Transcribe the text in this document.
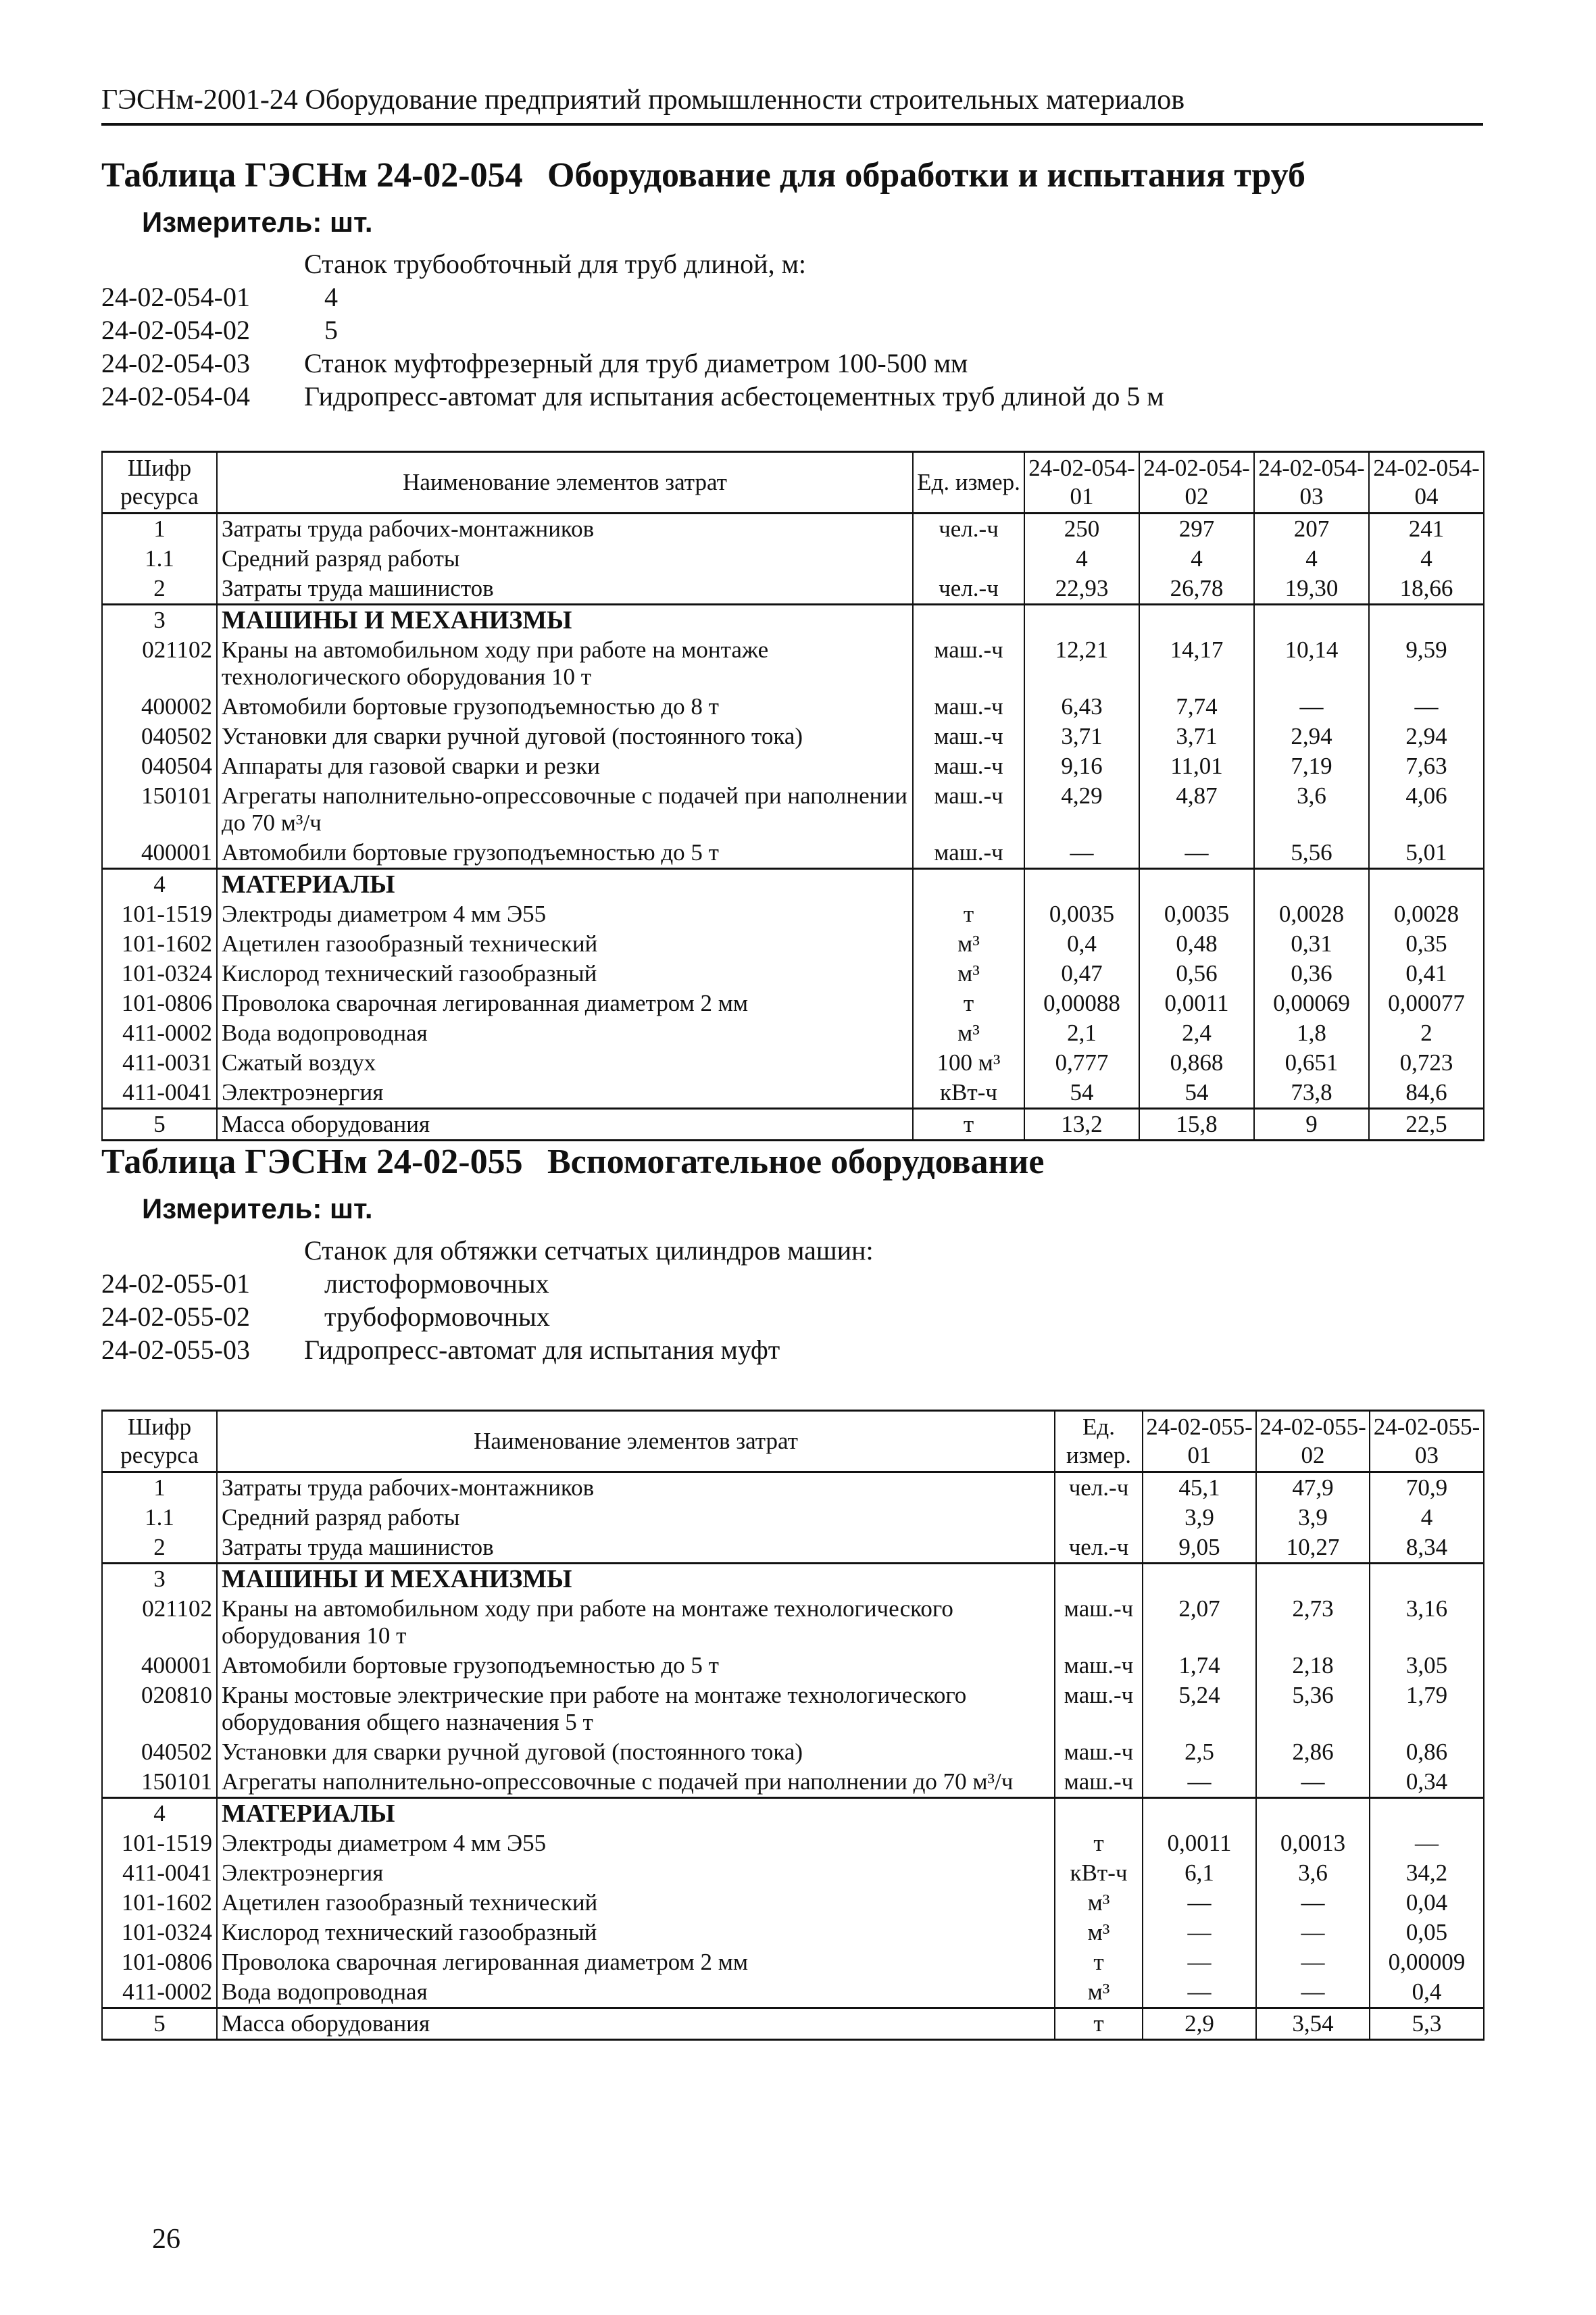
ГЭСНм-2001-24 Оборудование предприятий промышленности строительных материалов
Таблица ГЭСНм 24-02-054 Оборудование для обработки и испытания труб
Измеритель: шт.
Станок трубообточный для труб длиной, м:
24-02-054-01	4
24-02-054-02	5
24-02-054-03	Станок муфтофрезерный для труб диаметром 100-500 мм
24-02-054-04	Гидропресс-автомат для испытания асбестоцементных труб длиной до 5 м
Шифр ресурса	Наименование элементов затрат	Ед. измер.	24-02-054-01	24-02-054-02	24-02-054-03	24-02-054-04
1	Затраты труда рабочих-монтажников	чел.-ч	250	297	207	241
1.1	Средний разряд работы		4	4	4	4
2	Затраты труда машинистов	чел.-ч	22,93	26,78	19,30	18,66
3	МАШИНЫ И МЕХАНИЗМЫ					
021102	Краны на автомобильном ходу при работе на монтаже технологического оборудования 10 т	маш.-ч	12,21	14,17	10,14	9,59
400002	Автомобили бортовые грузоподъемностью до 8 т	маш.-ч	6,43	7,74	—	—
040502	Установки для сварки ручной дуговой (постоянного тока)	маш.-ч	3,71	3,71	2,94	2,94
040504	Аппараты для газовой сварки и резки	маш.-ч	9,16	11,01	7,19	7,63
150101	Агрегаты наполнительно-опрессовочные с подачей при наполнении до 70 м³/ч	маш.-ч	4,29	4,87	3,6	4,06
400001	Автомобили бортовые грузоподъемностью до 5 т	маш.-ч	—	—	5,56	5,01
4	МАТЕРИАЛЫ					
101-1519	Электроды диаметром 4 мм Э55	т	0,0035	0,0035	0,0028	0,0028
101-1602	Ацетилен газообразный технический	м³	0,4	0,48	0,31	0,35
101-0324	Кислород технический газообразный	м³	0,47	0,56	0,36	0,41
101-0806	Проволока сварочная легированная диаметром 2 мм	т	0,00088	0,0011	0,00069	0,00077
411-0002	Вода водопроводная	м³	2,1	2,4	1,8	2
411-0031	Сжатый воздух	100 м³	0,777	0,868	0,651	0,723
411-0041	Электроэнергия	кВт-ч	54	54	73,8	84,6
5	Масса оборудования	т	13,2	15,8	9	22,5
Таблица ГЭСНм 24-02-055 Вспомогательное оборудование
Измеритель: шт.
Станок для обтяжки сетчатых цилиндров машин:
24-02-055-01	листоформовочных
24-02-055-02	трубоформовочных
24-02-055-03	Гидропресс-автомат для испытания муфт
Шифр ресурса	Наименование элементов затрат	Ед. измер.	24-02-055-01	24-02-055-02	24-02-055-03
1	Затраты труда рабочих-монтажников	чел.-ч	45,1	47,9	70,9
1.1	Средний разряд работы		3,9	3,9	4
2	Затраты труда машинистов	чел.-ч	9,05	10,27	8,34
3	МАШИНЫ И МЕХАНИЗМЫ				
021102	Краны на автомобильном ходу при работе на монтаже технологического оборудования 10 т	маш.-ч	2,07	2,73	3,16
400001	Автомобили бортовые грузоподъемностью до 5 т	маш.-ч	1,74	2,18	3,05
020810	Краны мостовые электрические при работе на монтаже технологического оборудования общего назначения 5 т	маш.-ч	5,24	5,36	1,79
040502	Установки для сварки ручной дуговой (постоянного тока)	маш.-ч	2,5	2,86	0,86
150101	Агрегаты наполнительно-опрессовочные с подачей при наполнении до 70 м³/ч	маш.-ч	—	—	0,34
4	МАТЕРИАЛЫ				
101-1519	Электроды диаметром 4 мм Э55	т	0,0011	0,0013	—
411-0041	Электроэнергия	кВт-ч	6,1	3,6	34,2
101-1602	Ацетилен газообразный технический	м³	—	—	0,04
101-0324	Кислород технический газообразный	м³	—	—	0,05
101-0806	Проволока сварочная легированная диаметром 2 мм	т	—	—	0,00009
411-0002	Вода водопроводная	м³	—	—	0,4
5	Масса оборудования	т	2,9	3,54	5,3
26
